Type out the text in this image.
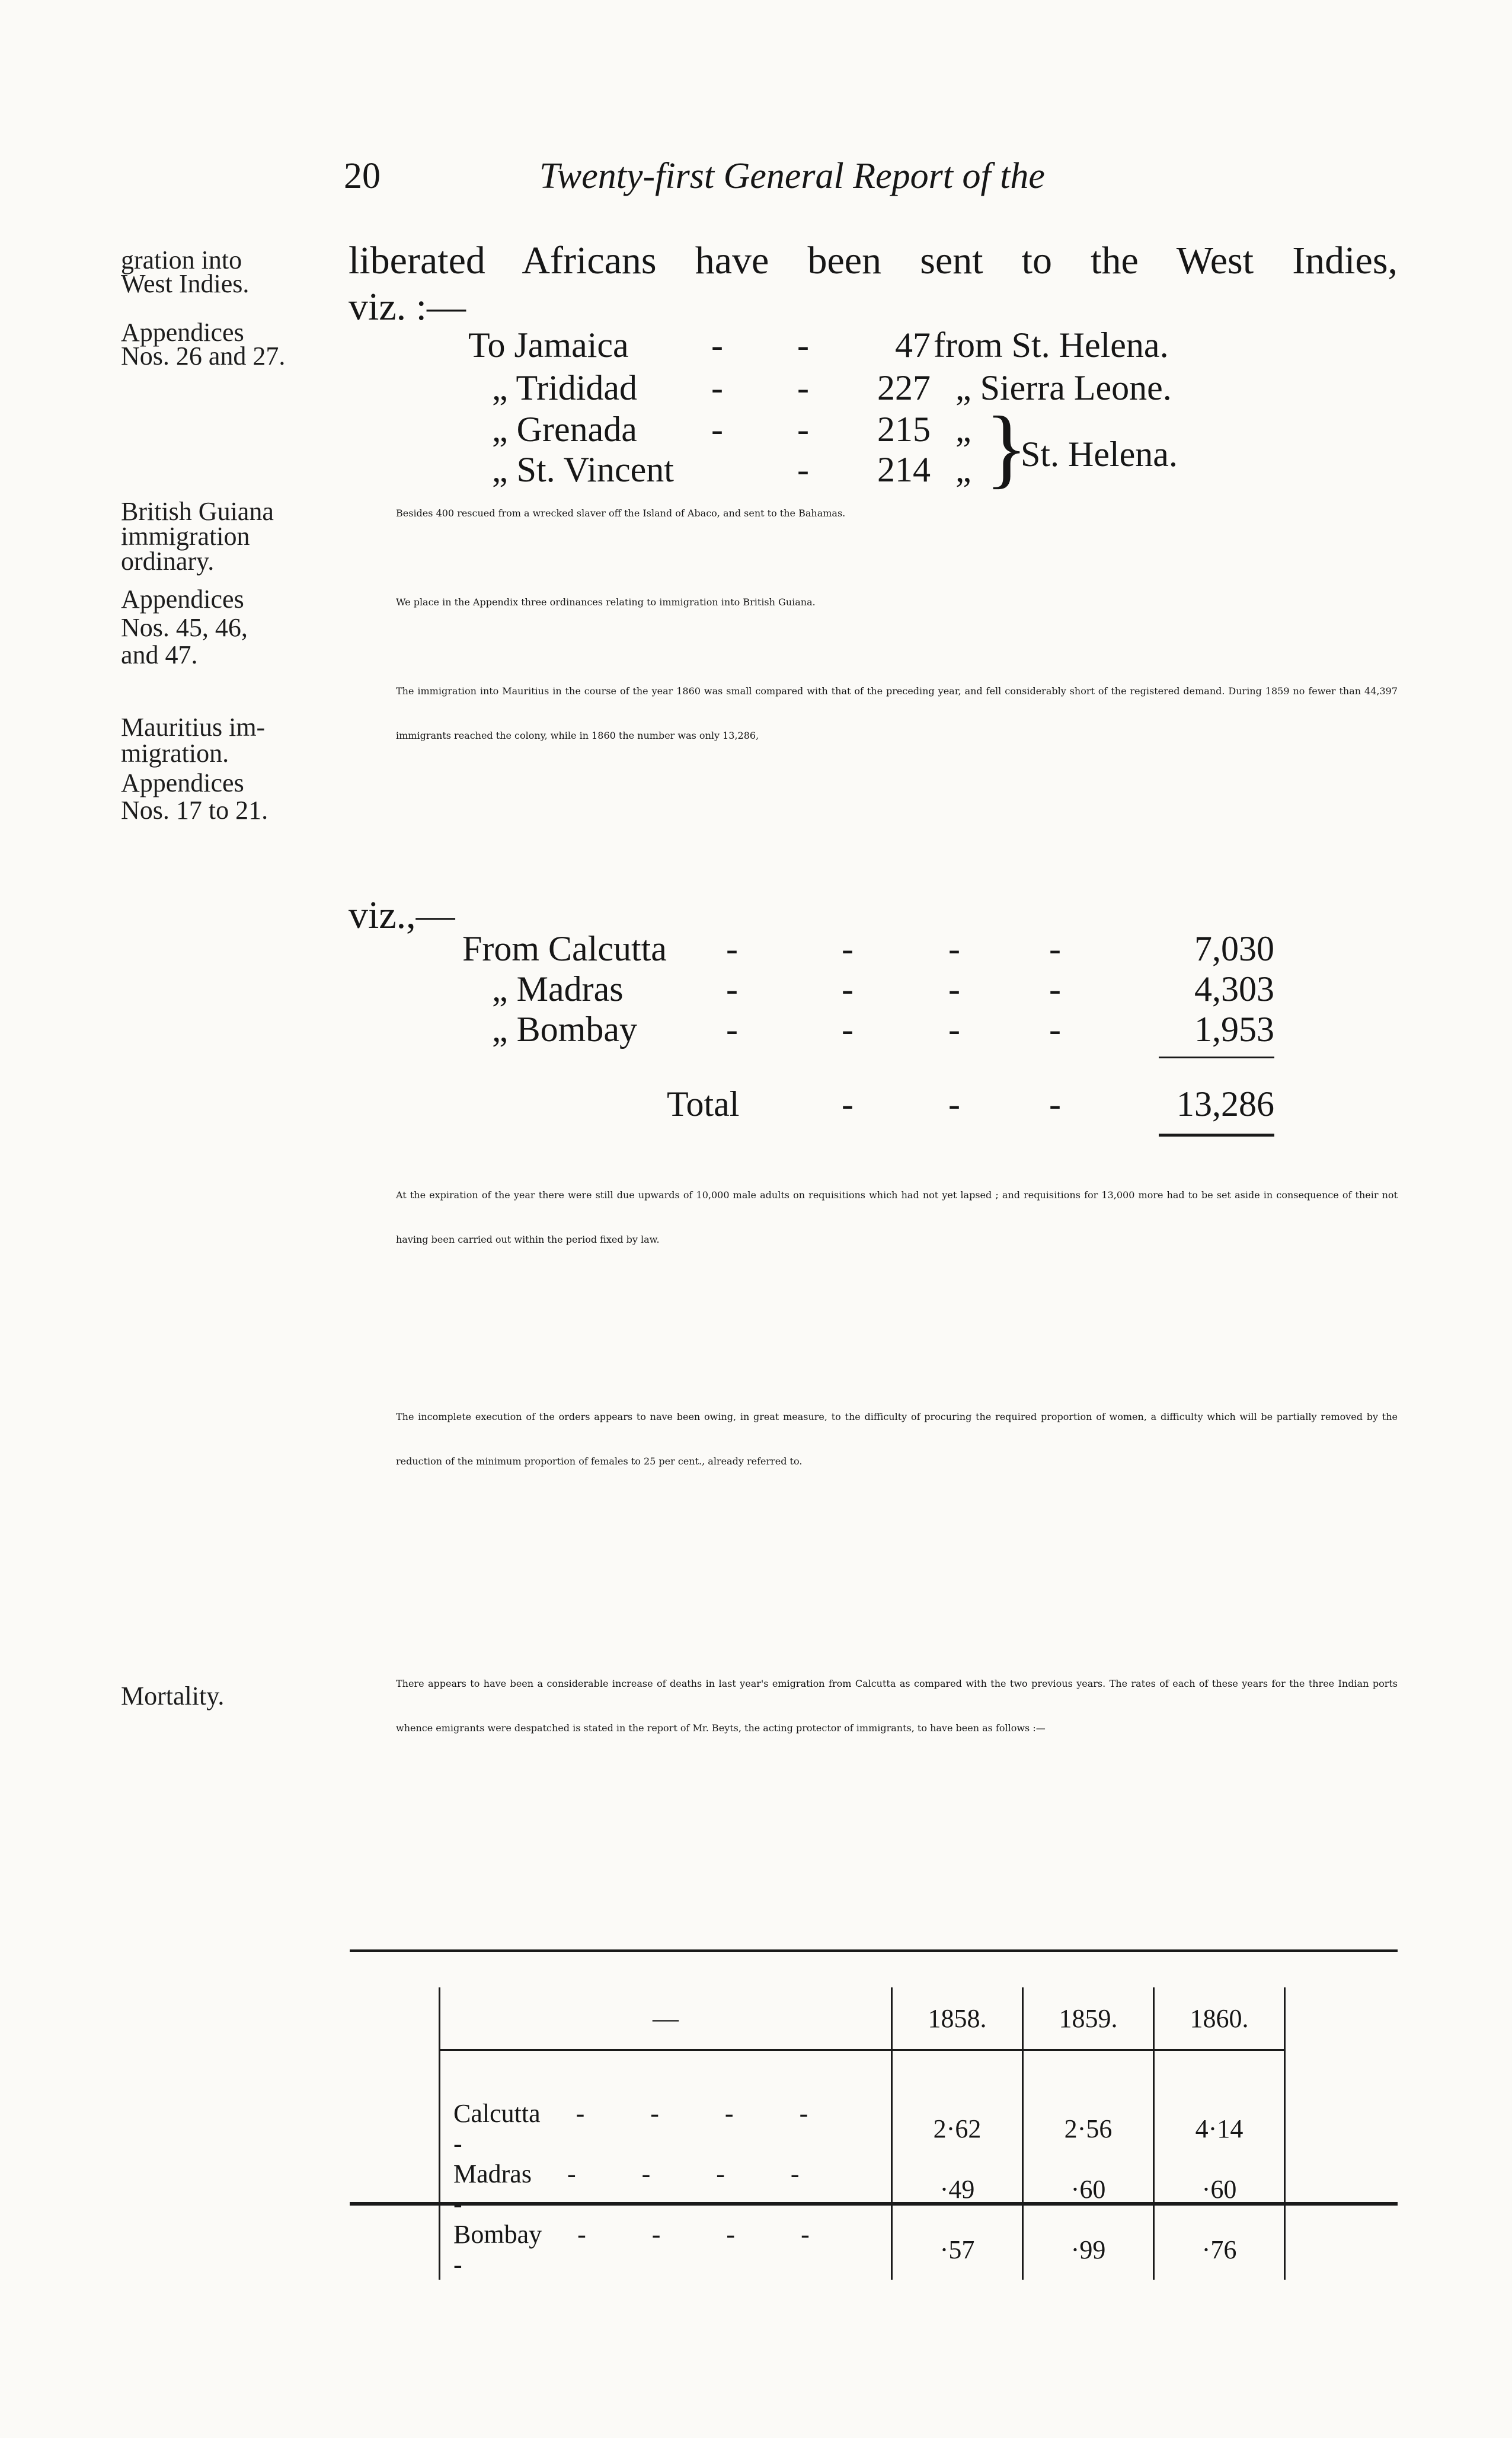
20	Twenty-first General Report of the
gration into
West Indies.
Appendices
Nos. 26 and 27.
British Guiana
immigration
ordinary.
Appendices
Nos. 45, 46,
and 47.
Mauritius im-
migration.
Appendices
Nos. 17 to 21.
Mortality.
liberated Africans have been sent to the West Indies,
viz. :—
To Jamaica - -	47 from St. Helena.
„ Trididad - -	227 „ Sierra Leone.
„ Grenada - -	215 „
„ St. Vincent	-	214 „ }
St. Helena.
Besides 400 rescued from a wrecked slaver off the Island of Abaco, and sent to the Bahamas.
We place in the Appendix three ordinances relating to immigration into British Guiana.
The immigration into Mauritius in the course of the year 1860 was small compared with that of the preceding year, and fell considerably short of the registered demand. During 1859 no fewer than 44,397 immigrants reached the colony, while in 1860 the number was only 13,286,
viz.,—
From Calcutta -	-	-	-	7,030
„ Madras	-	-	-	-	4,303
„ Bombay	-	-	-	-	1,953
Total	-	-	-	13,286
At the expiration of the year there were still due upwards of 10,000 male adults on requisitions which had not yet lapsed ; and requisitions for 13,000 more had to be set aside in consequence of their not having been carried out within the period fixed by law.
The incomplete execution of the orders appears to nave been owing, in great measure, to the difficulty of procuring the required proportion of women, a difficulty which will be partially removed by the reduction of the minimum proportion of females to 25 per cent., already referred to.
There appears to have been a considerable increase of deaths in last year's emigration from Calcutta as compared with the two previous years. The rates of each of these years for the three Indian ports whence emigrants were despatched is stated in the report of Mr. Beyts, the acting protector of immigrants, to have been as follows :—
—	1858.	1859.	1860.

Calcutta - - - - -	2·62	2·56	4·14
Madras - - - - -	·49	·60	·60
Bombay - - - - -	·57	·99	·76
